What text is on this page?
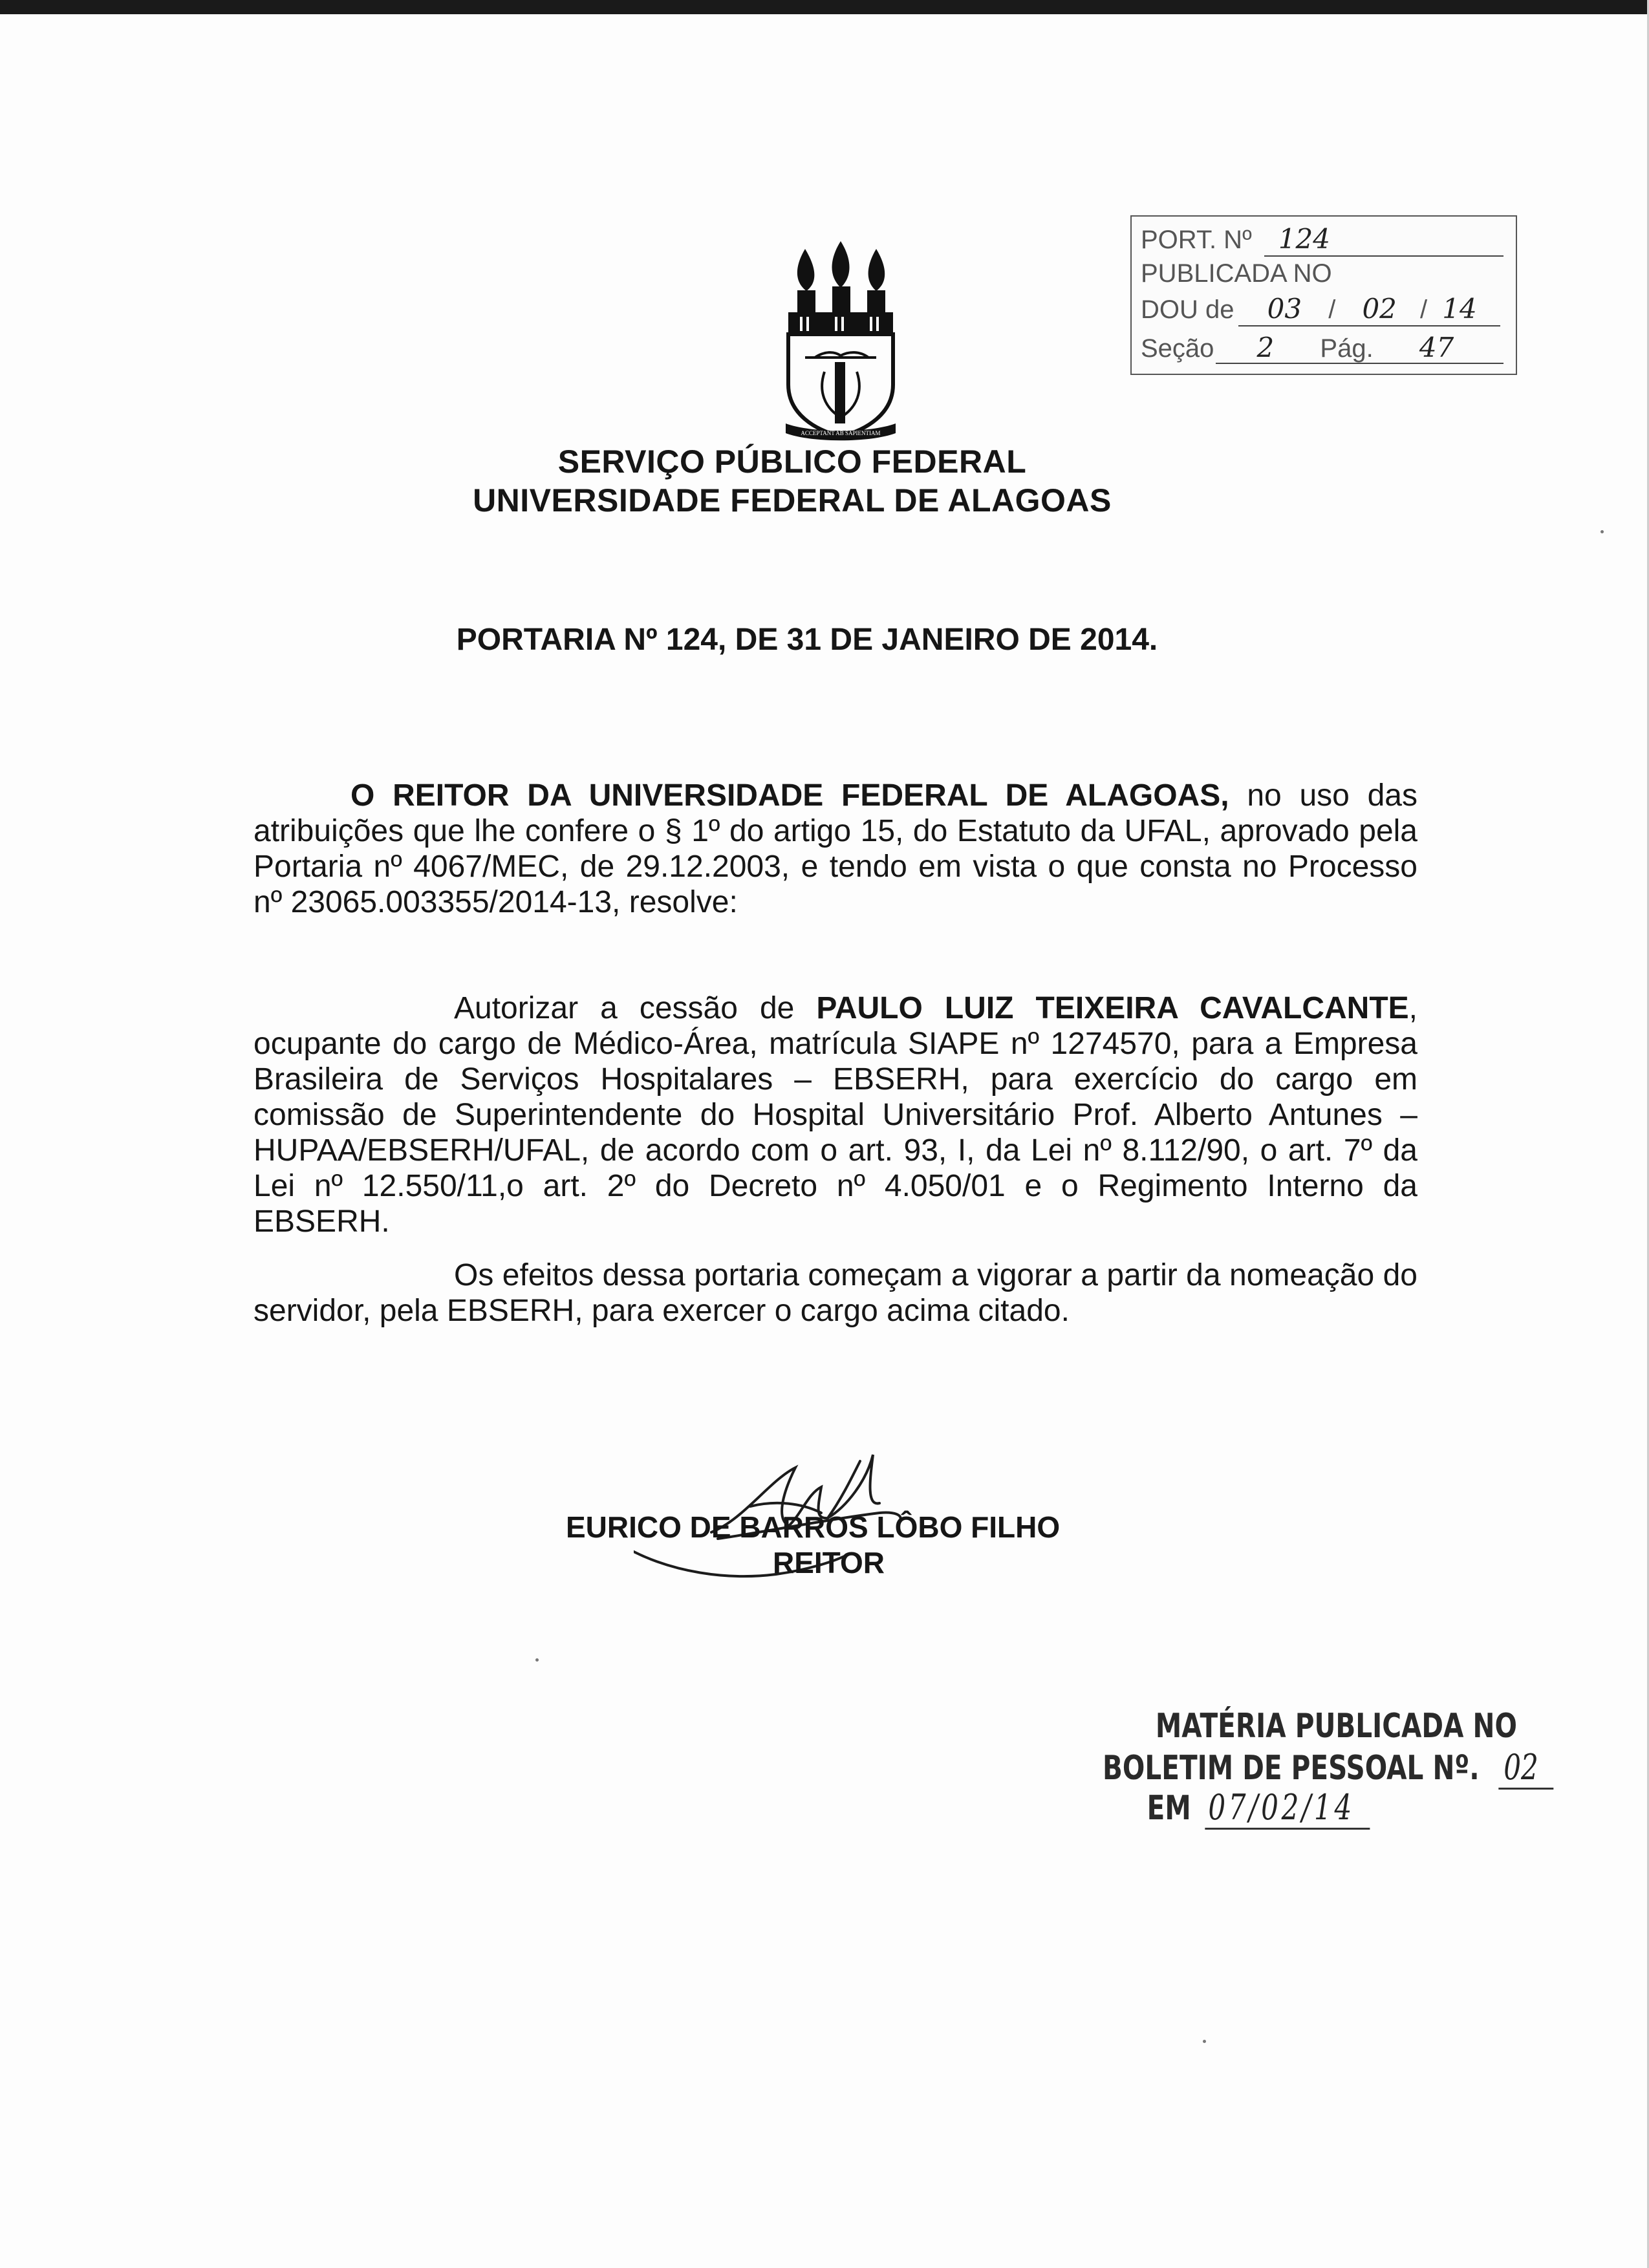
ACCEPTANT AB SAPIENTIAM
SERVIÇO PÚBLICO FEDERAL
UNIVERSIDADE FEDERAL DE ALAGOAS
PORT. Nº 124
PUBLICADA NO
DOU de 03 / 02 / 14
Seção 2 Pág. 47
PORTARIA Nº 124, DE 31 DE JANEIRO DE 2014.
O REITOR DA UNIVERSIDADE FEDERAL DE ALAGOAS, no uso das atribuições que lhe confere o § 1º do artigo 15, do Estatuto da UFAL, aprovado pela Portaria nº 4067/MEC, de 29.12.2003, e tendo em vista o que consta no Processo nº 23065.003355/2014-13, resolve:
Autorizar a cessão de PAULO LUIZ TEIXEIRA CAVALCANTE, ocupante do cargo de Médico-Área, matrícula SIAPE nº 1274570, para a Empresa Brasileira de Serviços Hospitalares – EBSERH, para exercício do cargo em comissão de Superintendente do Hospital Universitário Prof. Alberto Antunes – HUPAA/EBSERH/UFAL, de acordo com o art. 93, I, da Lei nº 8.112/90, o art. 7º da Lei nº 12.550/11,o art. 2º do Decreto nº 4.050/01 e o Regimento Interno da EBSERH.
Os efeitos dessa portaria começam a vigorar a partir da nomeação do servidor, pela EBSERH, para exercer o cargo acima citado.
EURICO DE BARROS LÔBO FILHO
REITOR
MATÉRIA PUBLICADA NO
BOLETIM DE PESSOAL Nº. 02
EM 07/02/14
